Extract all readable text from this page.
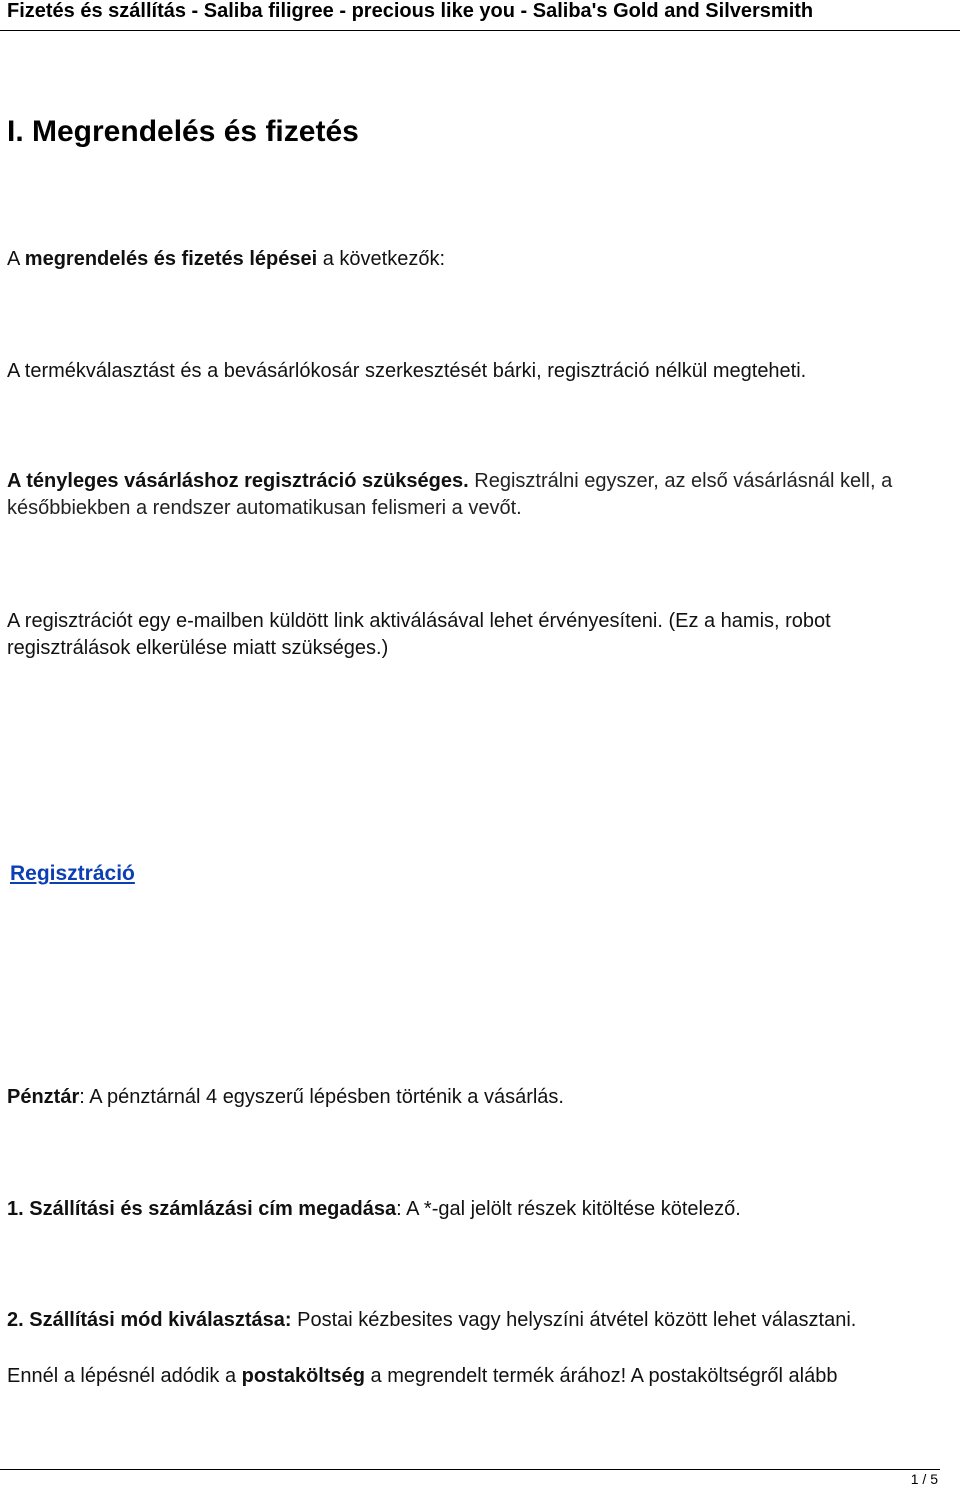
Fizetés és szállítás - Saliba filigree - precious like you - Saliba's Gold and Silversmith
I. Megrendelés és fizetés
A megrendelés és fizetés lépései a következők:
A termékválasztást és a bevásárlókosár szerkesztését bárki, regisztráció nélkül megteheti.
A tényleges vásárláshoz regisztráció szükséges. Regisztrálni egyszer, az első vásárlásnál kell, a későbbiekben a rendszer automatikusan felismeri a vevőt.
A regisztrációt egy e-mailben küldött link aktiválásával lehet érvényesíteni. (Ez a hamis, robot regisztrálások elkerülése miatt szükséges.)
Regisztráció
Pénztár: A pénztárnál 4 egyszerű lépésben történik a vásárlás.
1. Szállítási és számlázási cím megadása: A *-gal jelölt részek kitöltése kötelező.
2. Szállítási mód kiválasztása: Postai kézbesites vagy helyszíni átvétel között lehet választani.
Ennél a lépésnél adódik a postaköltség a megrendelt termék árához! A postaköltségről alább
1 / 5
